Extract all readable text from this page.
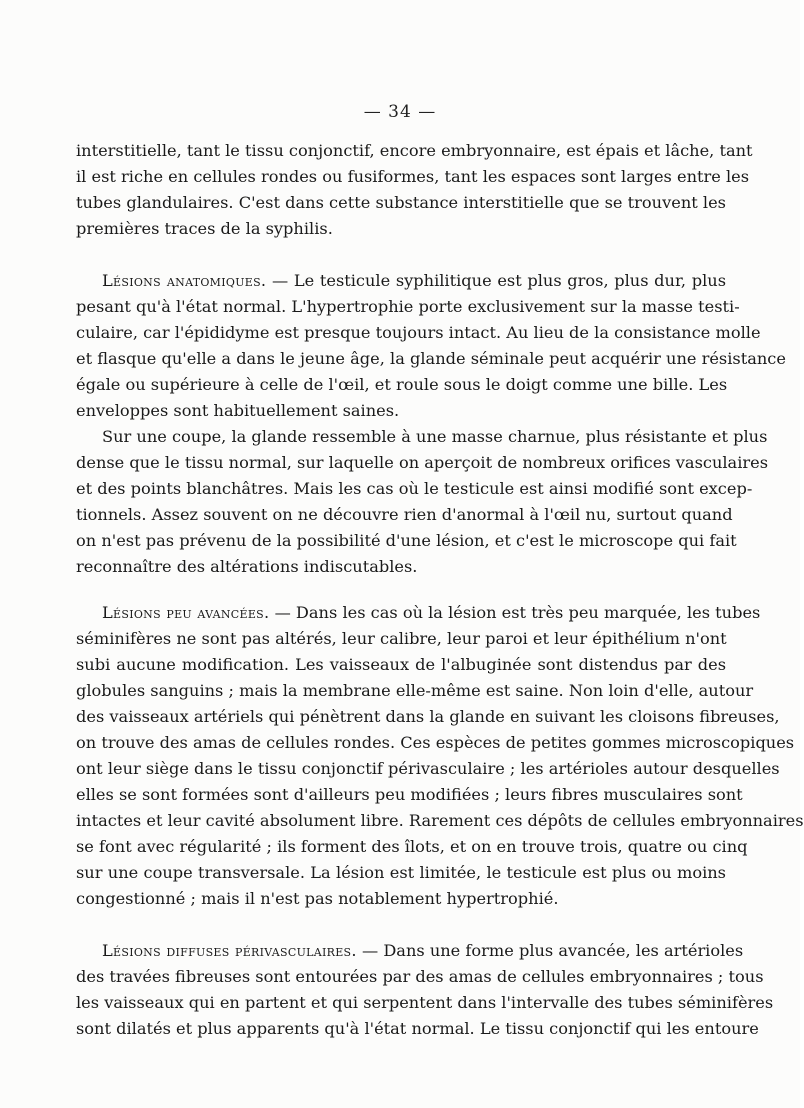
— 34 —
interstitielle, tant le tissu conjonctif, encore embryonnaire, est épais et lâche, tant
il est riche en cellules rondes ou fusiformes, tant les espaces sont larges entre les
tubes glandulaires. C'est dans cette substance interstitielle que se trouvent les
premières traces de la syphilis.
Lésions anatomiques. — Le testicule syphilitique est plus gros, plus dur, plus
pesant qu'à l'état normal. L'hypertrophie porte exclusivement sur la masse testi-
culaire, car l'épididyme est presque toujours intact. Au lieu de la consistance molle
et flasque qu'elle a dans le jeune âge, la glande séminale peut acquérir une résistance
égale ou supérieure à celle de l'œil, et roule sous le doigt comme une bille. Les
enveloppes sont habituellement saines.
Sur une coupe, la glande ressemble à une masse charnue, plus résistante et plus
dense que le tissu normal, sur laquelle on aperçoit de nombreux orifices vasculaires
et des points blanchâtres. Mais les cas où le testicule est ainsi modifié sont excep-
tionnels. Assez souvent on ne découvre rien d'anormal à l'œil nu, surtout quand
on n'est pas prévenu de la possibilité d'une lésion, et c'est le microscope qui fait
reconnaître des altérations indiscutables.
Lésions peu avancées. — Dans les cas où la lésion est très peu marquée, les tubes
séminifères ne sont pas altérés, leur calibre, leur paroi et leur épithélium n'ont
subi aucune modification. Les vaisseaux de l'albuginée sont distendus par des
globules sanguins ; mais la membrane elle-même est saine. Non loin d'elle, autour
des vaisseaux artériels qui pénètrent dans la glande en suivant les cloisons fibreuses,
on trouve des amas de cellules rondes. Ces espèces de petites gommes microscopiques
ont leur siège dans le tissu conjonctif périvasculaire ; les artérioles autour desquelles
elles se sont formées sont d'ailleurs peu modifiées ; leurs fibres musculaires sont
intactes et leur cavité absolument libre. Rarement ces dépôts de cellules embryonnaires
se font avec régularité ; ils forment des îlots, et on en trouve trois, quatre ou cinq
sur une coupe transversale. La lésion est limitée, le testicule est plus ou moins
congestionné ; mais il n'est pas notablement hypertrophié.
Lésions diffuses périvasculaires. — Dans une forme plus avancée, les artérioles
des travées fibreuses sont entourées par des amas de cellules embryonnaires ; tous
les vaisseaux qui en partent et qui serpentent dans l'intervalle des tubes séminifères
sont dilatés et plus apparents qu'à l'état normal. Le tissu conjonctif qui les entoure
